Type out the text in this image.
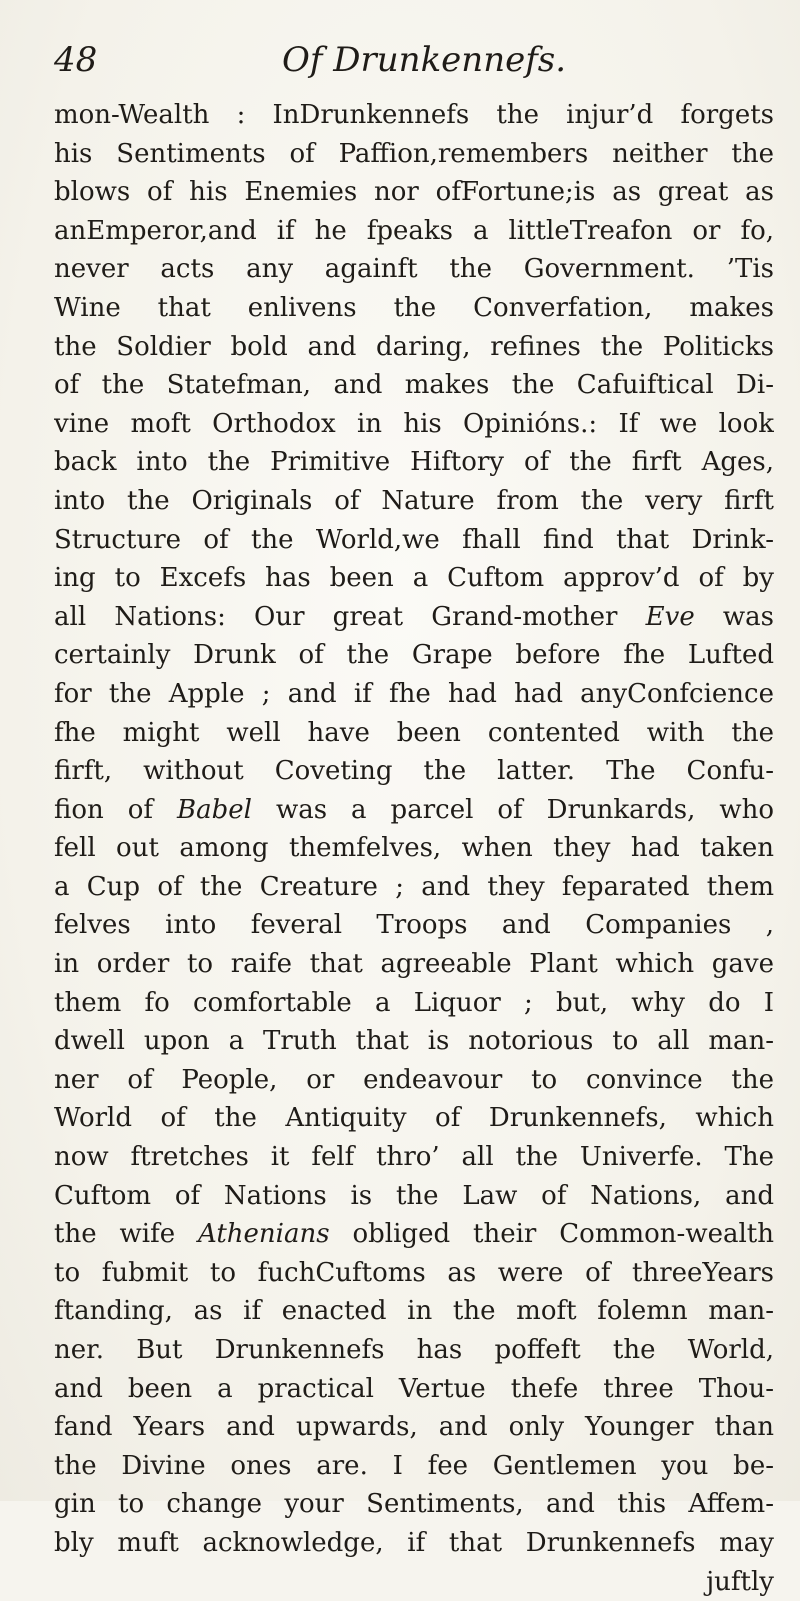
48	Of Drunkennefs.
mon-Wealth : InDrunkennefs the injur’d forgets
his Sentiments of Paffion,remembers neither the
blows of his Enemies nor ofFortune;is as great as
anEmperor,and if he fpeaks a littleTreafon or fo,
never acts any againft the Government. ’Tis
Wine that enlivens the Converfation, makes
the Soldier bold and daring, refines the Politicks
of the Statefman, and makes the Cafuiftical Di-
vine moft Orthodox in his Opinións.: If we look
back into the Primitive Hiftory of the firft Ages,
into the Originals of Nature from the very firft
Structure of the World,we fhall find that Drink-
ing to Excefs has been a Cuftom approv’d of by
all Nations: Our great Grand-mother Eve was
certainly Drunk of the Grape before fhe Lufted
for the Apple ; and if fhe had had anyConfcience
fhe might well have been contented with the
firft, without Coveting the latter. The Confu-
fion of Babel was a parcel of Drunkards, who
fell out among themfelves, when they had taken
a Cup of the Creature ; and they feparated them
felves into feveral Troops and Companies ,
in order to raife that agreeable Plant which gave
them fo comfortable a Liquor ; but, why do I
dwell upon a Truth that is notorious to all man-
ner of People, or endeavour to convince the
World of the Antiquity of Drunkennefs, which
now ftretches it felf thro’ all the Univerfe. The
Cuftom of Nations is the Law of Nations, and
the wife Athenians obliged their Common-wealth
to fubmit to fuchCuftoms as were of threeYears
ftanding, as if enacted in the moft folemn man-
ner. But Drunkennefs has poffeft the World,
and been a practical Vertue thefe three Thou-
fand Years and upwards, and only Younger than
the Divine ones are. I fee Gentlemen you be-
gin to change your Sentiments, and this Affem-
bly muft acknowledge, if that Drunkennefs may
juftly
